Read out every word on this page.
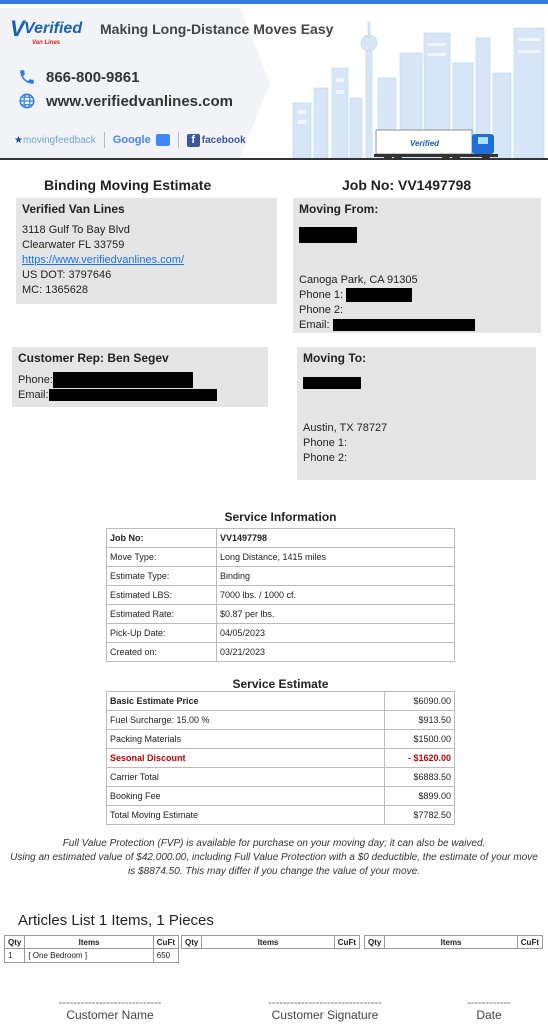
V Verified
Van Lines
Making Long-Distance Moves Easy
866-800-9861
www.verifiedvanlines.com
★movingfeedback Google	f facebook	Verified
Binding Moving Estimate	Job No: VV1497798
Verified Van Lines
3118 Gulf To Bay Blvd
Clearwater FL 33759
https://www.verifiedvanlines.com/
US DOT: 3797646
MC: 1365628
Moving From:
Canoga Park, CA 91305
Phone 1:
Phone 2:
Email:
Customer Rep: Ben Segev
Phone:
Email:
Moving To:
Austin, TX 78727
Phone 1:
Phone 2:
Service Information
Job No:	VV1497798
Move Type:	Long Distance, 1415 miles
Estimate Type:	Binding
Estimated LBS:	7000 lbs. / 1000 cf.
Estimated Rate:	$0.87 per lbs.
Pick-Up Date:	04/05/2023
Created on:	03/21/2023
Service Estimate
Basic Estimate Price	$6090.00
Fuel Surcharge: 15.00 %	$913.50
Packing Materials	$1500.00
Sesonal Discount	- $1620.00
Carrier Total	$6883.50
Booking Fee	$899.00
Total Moving Estimate	$7782.50
Full Value Protection (FVP) is available for purchase on your moving day; it can also be waived.
Using an estimated value of $42,000.00, including Full Value Protection with a $0 deductible, the estimate of your move is $8874.50. This may differ if you change the value of your move.
Articles List 1 Items, 1 Pieces
Qty	Items	CuFt
1	[ One Bedroom ]	650
Qty	Items	CuFt Qty	Items	CuFt
----------------------------
Customer Name
-------------------------------
Customer Signature
------------
Date
